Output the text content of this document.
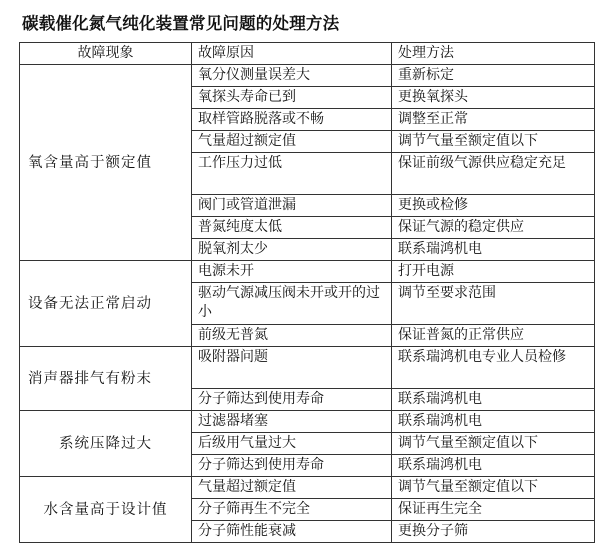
碳载催化氮气纯化装置常见问题的处理方法
故障现象	故障原因	处理方法
氧含量高于额定值	氧分仪测量误差大	重新标定
	氧探头寿命已到	更换氧探头
	取样管路脱落或不畅	调整至正常
	气量超过额定值	调节气量至额定值以下
	工作压力过低	保证前级气源供应稳定充足
	阀门或管道泄漏	更换或检修
	普氮纯度太低	保证气源的稳定供应
	脱氧剂太少	联系瑞鸿机电
设备无法正常启动	电源未开	打开电源
	驱动气源减压阀未开或开的过小	调节至要求范围
	前级无普氮	保证普氮的正常供应
消声器排气有粉末	吸附器问题	联系瑞鸿机电专业人员检修
	分子筛达到使用寿命	联系瑞鸿机电
系统压降过大	过滤器堵塞	联系瑞鸿机电
	后级用气量过大	调节气量至额定值以下
	分子筛达到使用寿命	联系瑞鸿机电
水含量高于设计值	气量超过额定值	调节气量至额定值以下
	分子筛再生不完全	保证再生完全
	分子筛性能衰减	更换分子筛
